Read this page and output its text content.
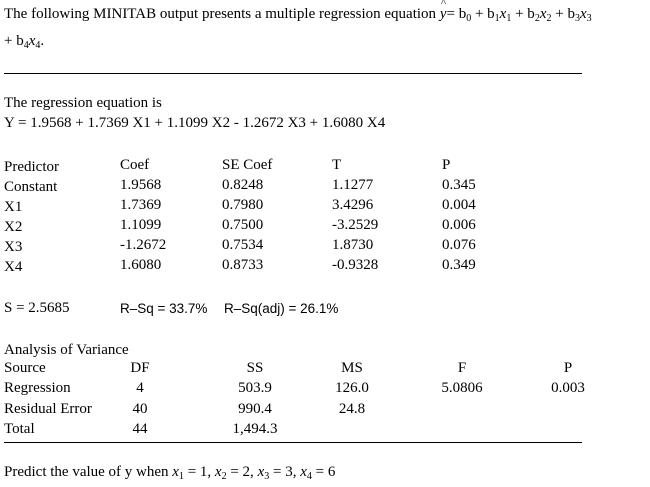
The following MINITAB output presents a multiple regression equation ^ $y= b_0 + b_1x_1 + b_2x_2 + b_3x_3$
+ $b_4x_4$.
The regression equation is
Y = 1.9568 + 1.7369 X1 + 1.1099 X2 - 1.2672 X3 + 1.6080 X4
Predictor	Coef	SE Coef	T	P
Constant	1.9568	0.8248	1.1277	0.345
X1	1.7369	0.7980	3.4296	0.004
X2	1.1099	0.7500	-3.2529	0.006
X3	-1.2672	0.7534	1.8730	0.076
X4	1.6080	0.8733	-0.9328	0.349
S = 2.5685	R–Sq = 33.7% R–Sq(adj) = 26.1%
Analysis of Variance
Source	DF	SS	MS	F	P
Regression	4	503.9	126.0	5.0806	0.003
Residual Error	40	990.4	24.8
Total	44	1,494.3
Predict the value of y when $x_1 = 1$, $x_2 = 2$, $x_3 = 3$, $x_4 = 6$
